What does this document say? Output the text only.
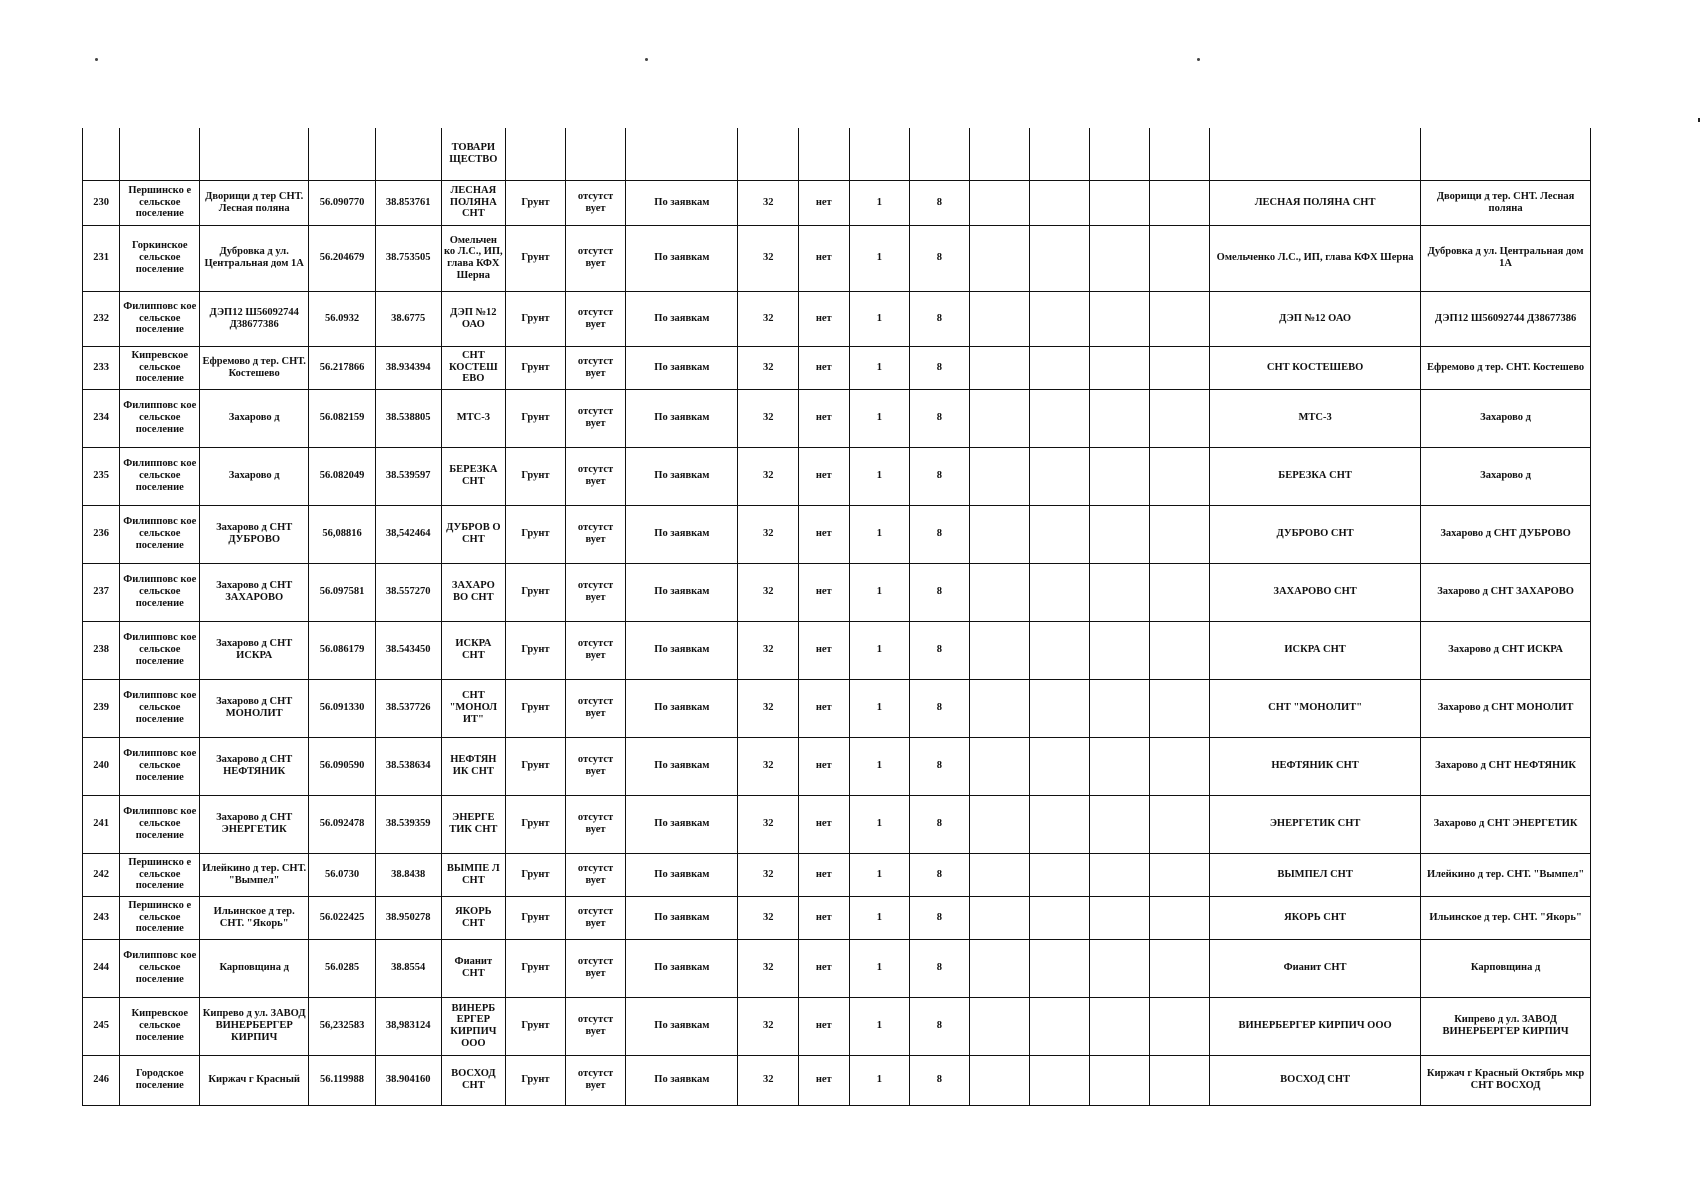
					ТОВАРИ ЩЕСТВО													
230	Першинско е сельское поселение	Дворищи д тер СНТ. Лесная поляна	56.090770	38.853761	ЛЕСНАЯ ПОЛЯНА СНТ	Грунт	отсутст вует	По заявкам	32	нет	1	8					ЛЕСНАЯ ПОЛЯНА СНТ	Дворищи д тер. СНТ. Лесная поляна
231	Горкинское сельское поселение	Дубровка д ул. Центральная дом 1А	56.204679	38.753505	Омельчен ко Л.С., ИП, глава КФХ Шерна	Грунт	отсутст вует	По заявкам	32	нет	1	8					Омельченко Л.С., ИП, глава КФХ Шерна	Дубровка д ул. Центральная дом 1А
232	Филипповс кое сельское поселение	ДЭП12 Ш56092744 Д38677386	56.0932	38.6775	ДЭП №12 ОАО	Грунт	отсутст вует	По заявкам	32	нет	1	8					ДЭП №12 ОАО	ДЭП12 Ш56092744 Д38677386
233	Кипревское сельское поселение	Ефремово д тер. СНТ. Костешево	56.217866	38.934394	СНТ КОСТЕШ ЕВО	Грунт	отсутст вует	По заявкам	32	нет	1	8					СНТ КОСТЕШЕВО	Ефремово д тер. СНТ. Костешево
234	Филипповс кое сельское поселение	Захарово д	56.082159	38.538805	МТС-3	Грунт	отсутст вует	По заявкам	32	нет	1	8					МТС-3	Захарово д
235	Филипповс кое сельское поселение	Захарово д	56.082049	38.539597	БЕРЕЗКА СНТ	Грунт	отсутст вует	По заявкам	32	нет	1	8					БЕРЕЗКА СНТ	Захарово д
236	Филипповс кое сельское поселение	Захарово д СНТ ДУБРОВО	56,08816	38,542464	ДУБРОВ О СНТ	Грунт	отсутст вует	По заявкам	32	нет	1	8					ДУБРОВО СНТ	Захарово д СНТ ДУБРОВО
237	Филипповс кое сельское поселение	Захарово д СНТ ЗАХАРОВО	56.097581	38.557270	ЗАХАРО ВО СНТ	Грунт	отсутст вует	По заявкам	32	нет	1	8					ЗАХАРОВО СНТ	Захарово д СНТ ЗАХАРОВО
238	Филипповс кое сельское поселение	Захарово д СНТ ИСКРА	56.086179	38.543450	ИСКРА СНТ	Грунт	отсутст вует	По заявкам	32	нет	1	8					ИСКРА СНТ	Захарово д СНТ ИСКРА
239	Филипповс кое сельское поселение	Захарово д СНТ МОНОЛИТ	56.091330	38.537726	СНТ "МОНОЛ ИТ"	Грунт	отсутст вует	По заявкам	32	нет	1	8					СНТ "МОНОЛИТ"	Захарово д СНТ МОНОЛИТ
240	Филипповс кое сельское поселение	Захарово д СНТ НЕФТЯНИК	56.090590	38.538634	НЕФТЯН ИК СНТ	Грунт	отсутст вует	По заявкам	32	нет	1	8					НЕФТЯНИК СНТ	Захарово д СНТ НЕФТЯНИК
241	Филипповс кое сельское поселение	Захарово д СНТ ЭНЕРГЕТИК	56.092478	38.539359	ЭНЕРГЕ ТИК СНТ	Грунт	отсутст вует	По заявкам	32	нет	1	8					ЭНЕРГЕТИК СНТ	Захарово д СНТ ЭНЕРГЕТИК
242	Першинско е сельское поселение	Илейкино д тер. СНТ. "Вымпел"	56.0730	38.8438	ВЫМПЕ Л СНТ	Грунт	отсутст вует	По заявкам	32	нет	1	8					ВЫМПЕЛ СНТ	Илейкино д тер. СНТ. "Вымпел"
243	Першинско е сельское поселение	Ильинское д тер. СНТ. "Якорь"	56.022425	38.950278	ЯКОРЬ СНТ	Грунт	отсутст вует	По заявкам	32	нет	1	8					ЯКОРЬ СНТ	Ильинское д тер. СНТ. "Якорь"
244	Филипповс кое сельское поселение	Карповщина д	56.0285	38.8554	Фианит СНТ	Грунт	отсутст вует	По заявкам	32	нет	1	8					Фианит СНТ	Карповщина д
245	Кипревское сельское поселение	Кипрево д ул. ЗАВОД ВИНЕРБЕРГЕР КИРПИЧ	56,232583	38,983124	ВИНЕРБ ЕРГЕР КИРПИЧ ООО	Грунт	отсутст вует	По заявкам	32	нет	1	8					ВИНЕРБЕРГЕР КИРПИЧ ООО	Кипрево д ул. ЗАВОД ВИНЕРБЕРГЕР КИРПИЧ
246	Городское поселение	Киржач г Красный	56.119988	38.904160	ВОСХОД СНТ	Грунт	отсутст вует	По заявкам	32	нет	1	8					ВОСХОД СНТ	Киржач г Красный Октябрь мкр СНТ ВОСХОД
